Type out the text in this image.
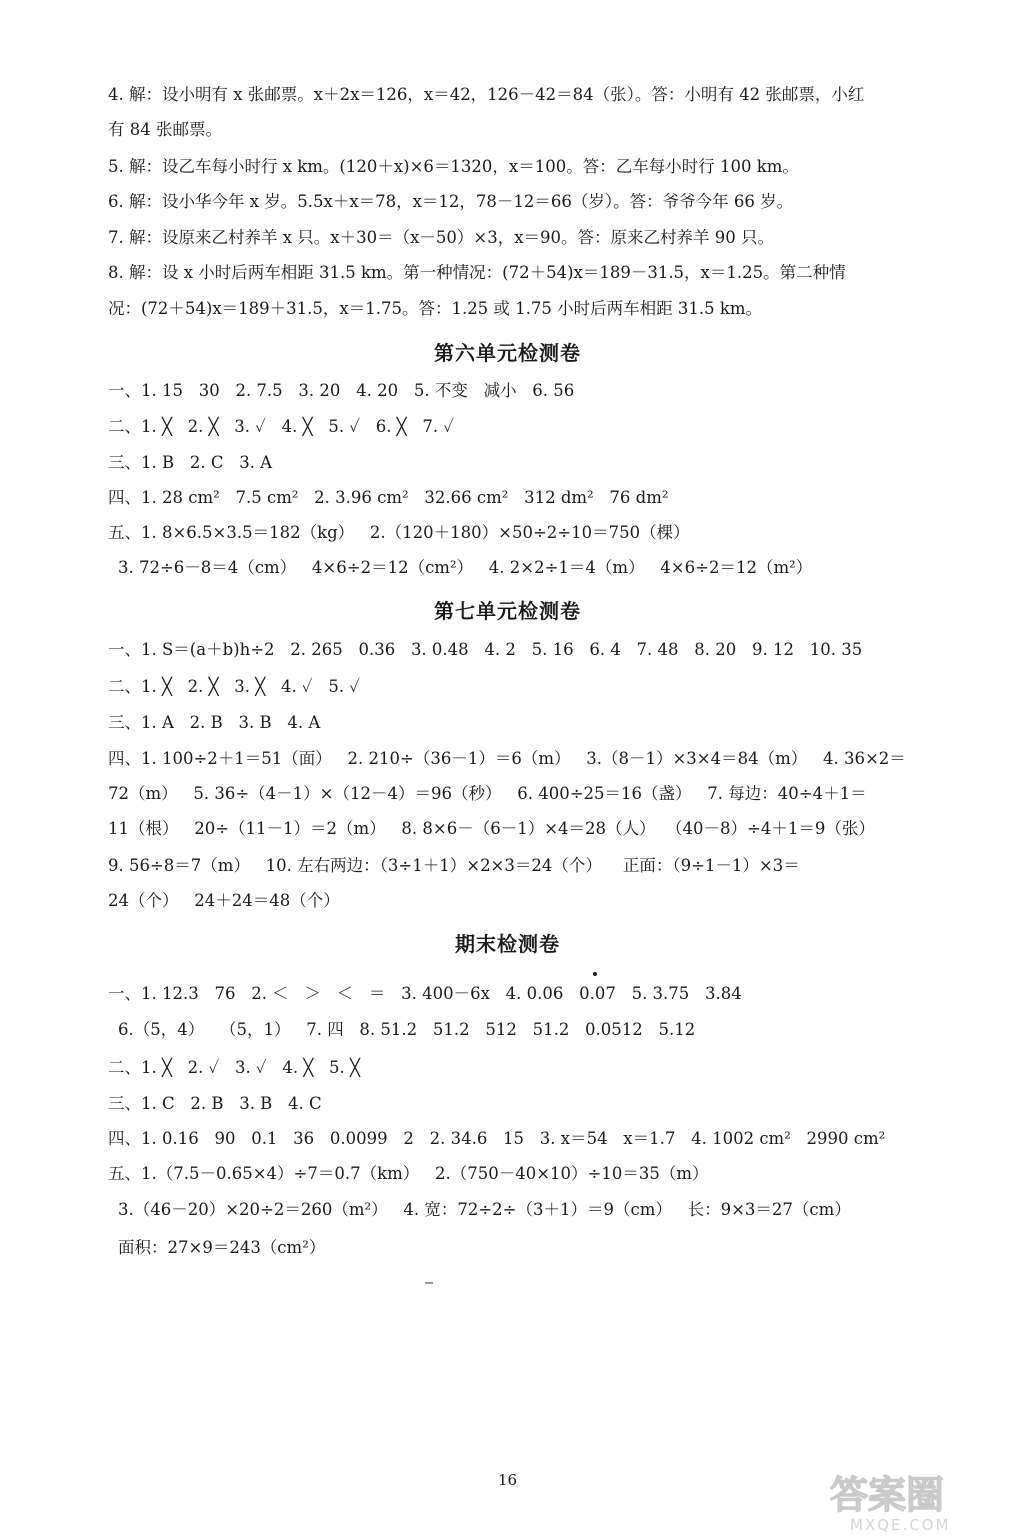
4. 解：设小明有 x 张邮票。x＋2x＝126，x＝42，126－42＝84（张）。答：小明有 42 张邮票，小红
有 84 张邮票。
5. 解：设乙车每小时行 x km。(120＋x)×6＝1320，x＝100。答：乙车每小时行 100 km。
6. 解：设小华今年 x 岁。5.5x＋x＝78，x＝12，78－12＝66（岁）。答：爷爷今年 66 岁。
7. 解：设原来乙村养羊 x 只。x＋30＝（x－50）×3，x＝90。答：原来乙村养羊 90 只。
8. 解：设 x 小时后两车相距 31.5 km。第一种情况：(72＋54)x＝189－31.5，x＝1.25。第二种情
况：(72＋54)x＝189＋31.5，x＝1.75。答：1.25 或 1.75 小时后两车相距 31.5 km。
第六单元检测卷
一、1. 15   30   2. 7.5   3. 20   4. 20   5. 不变   减小   6. 56
二、1. ╳   2. ╳   3. ✓   4. ╳   5. ✓   6. ╳   7. ✓
三、1. B   2. C   3. A
四、1. 28 cm²   7.5 cm²   2. 3.96 cm²   32.66 cm²   312 dm²   76 dm²
五、1. 8×6.5×3.5＝182（kg）   2.（120＋180）×50÷2÷10＝750（棵）
3. 72÷6－8＝4（cm）   4×6÷2＝12（cm²）   4. 2×2÷1＝4（m）   4×6÷2＝12（m²）
第七单元检测卷
一、1. S＝(a＋b)h÷2   2. 265   0.36   3. 0.48   4. 2   5. 16   6. 4   7. 48   8. 20   9. 12   10. 35
二、1. ╳   2. ╳   3. ╳   4. ✓   5. ✓
三、1. A   2. B   3. B   4. A
四、1. 100÷2＋1＝51（面）   2. 210÷（36－1）＝6（m）   3.（8－1）×3×4＝84（m）   4. 36×2＝
72（m）   5. 36÷（4－1）×（12－4）＝96（秒）   6. 400÷25＝16（盏）   7. 每边：40÷4＋1＝
11（根）   20÷（11－1）＝2（m）   8. 8×6－（6－1）×4＝28（人）  （40－8）÷4＋1＝9（张）
9. 56÷8＝7（m）   10. 左右两边：（3÷1＋1）×2×3＝24（个）    正面：（9÷1－1）×3＝
24（个）   24＋24＝48（个）
期末检测卷
一、1. 12.3   76   2. ＜   ＞   ＜   ＝   3. 400－6x   4. 0.06   0.07   5. 3.75   3.84
6.（5，4）   （5，1）   7. 四   8. 51.2   51.2   512   51.2   0.0512   5.12
二、1. ╳   2. ✓   3. ✓   4. ╳   5. ╳
三、1. C   2. B   3. B   4. C
四、1. 0.16   90   0.1   36   0.0099   2   2. 34.6   15   3. x＝54   x＝1.7   4. 1002 cm²   2990 cm²
五、1.（7.5－0.65×4）÷7＝0.7（km）   2.（750－40×10）÷10＝35（m）
3.（46－20）×20÷2＝260（m²）   4. 宽：72÷2÷（3＋1）＝9（cm）   长：9×3＝27（cm）
面积：27×9＝243（cm²）
16	答案圈
MXQE.COM
